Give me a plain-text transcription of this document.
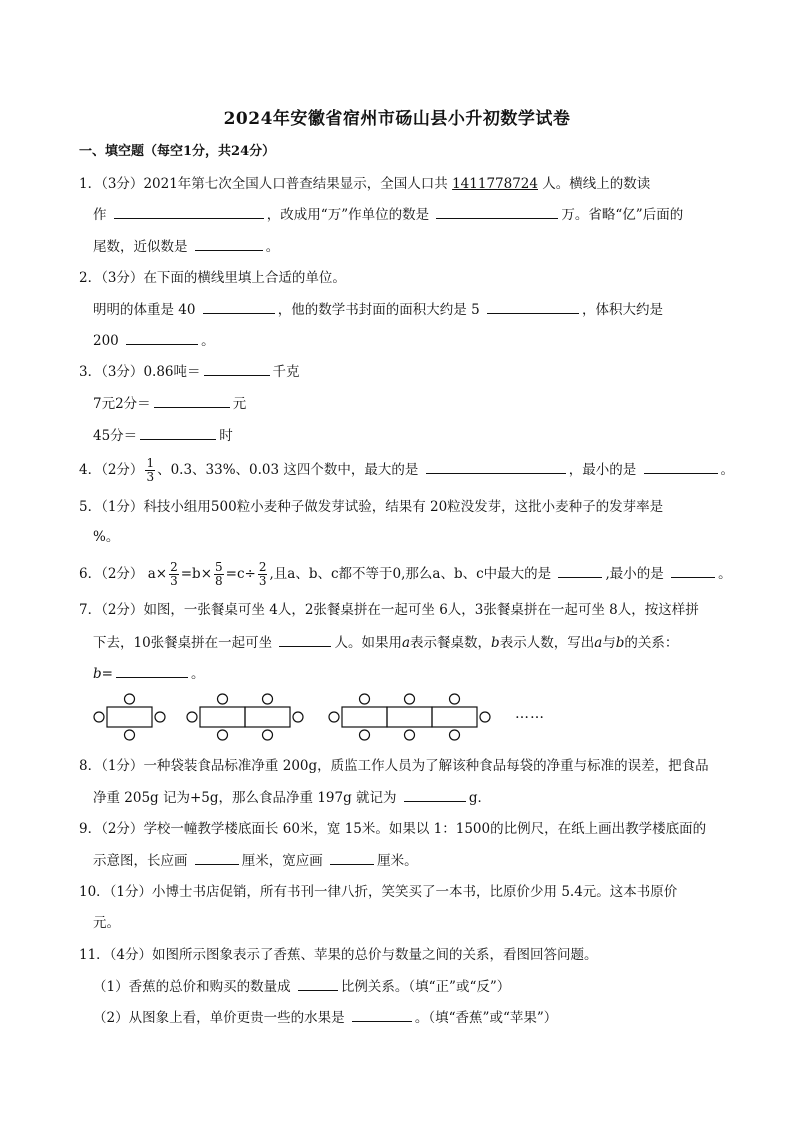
2024年安徽省宿州市砀山县小升初数学试卷
一、填空题（每空1分，共24分）
1．（3分）2021年第七次全国人口普查结果显示，全国人口共 1411778724 人。横线上的数读
作	，改成用“万”作单位的数是	万。省略“亿”后面的
尾数，近似数是	。
2．（3分）在下面的横线里填上合适的单位。
明明的体重是 40	，他的数学书封面的面积大约是 5	，体积大约是
200	。
3．（3分）0.86吨＝	千克
7元2分＝	元
45分＝	时
4．（2分） $\frac{1}{3}$ 、0.3、33%、0.03 这四个数中，最大的是	，最小的是	。
5．（1分）科技小组用500粒小麦种子做发芽试验，结果有 20粒没发芽，这批小麦种子的发芽率是
%。
6．（2分） $a\times \frac{2}{3} =b\times \frac{5}{8} =c\div \frac{2}{3}$ ,且a、b、c都不等于0,那么a、b、c中最大的是	,最小的是	。
7．（2分）如图，一张餐桌可坐 4人，2张餐桌拼在一起可坐 6人，3张餐桌拼在一起可坐 8人，按这样拼
下去，10张餐桌拼在一起可坐	人。如果用a表示餐桌数，b表示人数，写出a与b的关系：
b=	。
……
8．（1分）一种袋装食品标准净重 200g，质监工作人员为了解该种食品每袋的净重与标准的误差，把食品
净重 205g 记为+5g，那么食品净重 197g 就记为	g．
9．（2分）学校一幢教学楼底面长 60米，宽 15米。如果以 1：1500的比例尺，在纸上画出教学楼底面的
示意图，长应画	厘米，宽应画	厘米。
10．（1分）小博士书店促销，所有书刊一律八折，笑笑买了一本书，比原价少用 5.4元。这本书原价
元。
11．（4分）如图所示图象表示了香蕉、苹果的总价与数量之间的关系，看图回答问题。
（1）香蕉的总价和购买的数量成	比例关系。（填“正”或“反”）
（2）从图象上看，单价更贵一些的水果是	。（填“香蕉”或“苹果”）
